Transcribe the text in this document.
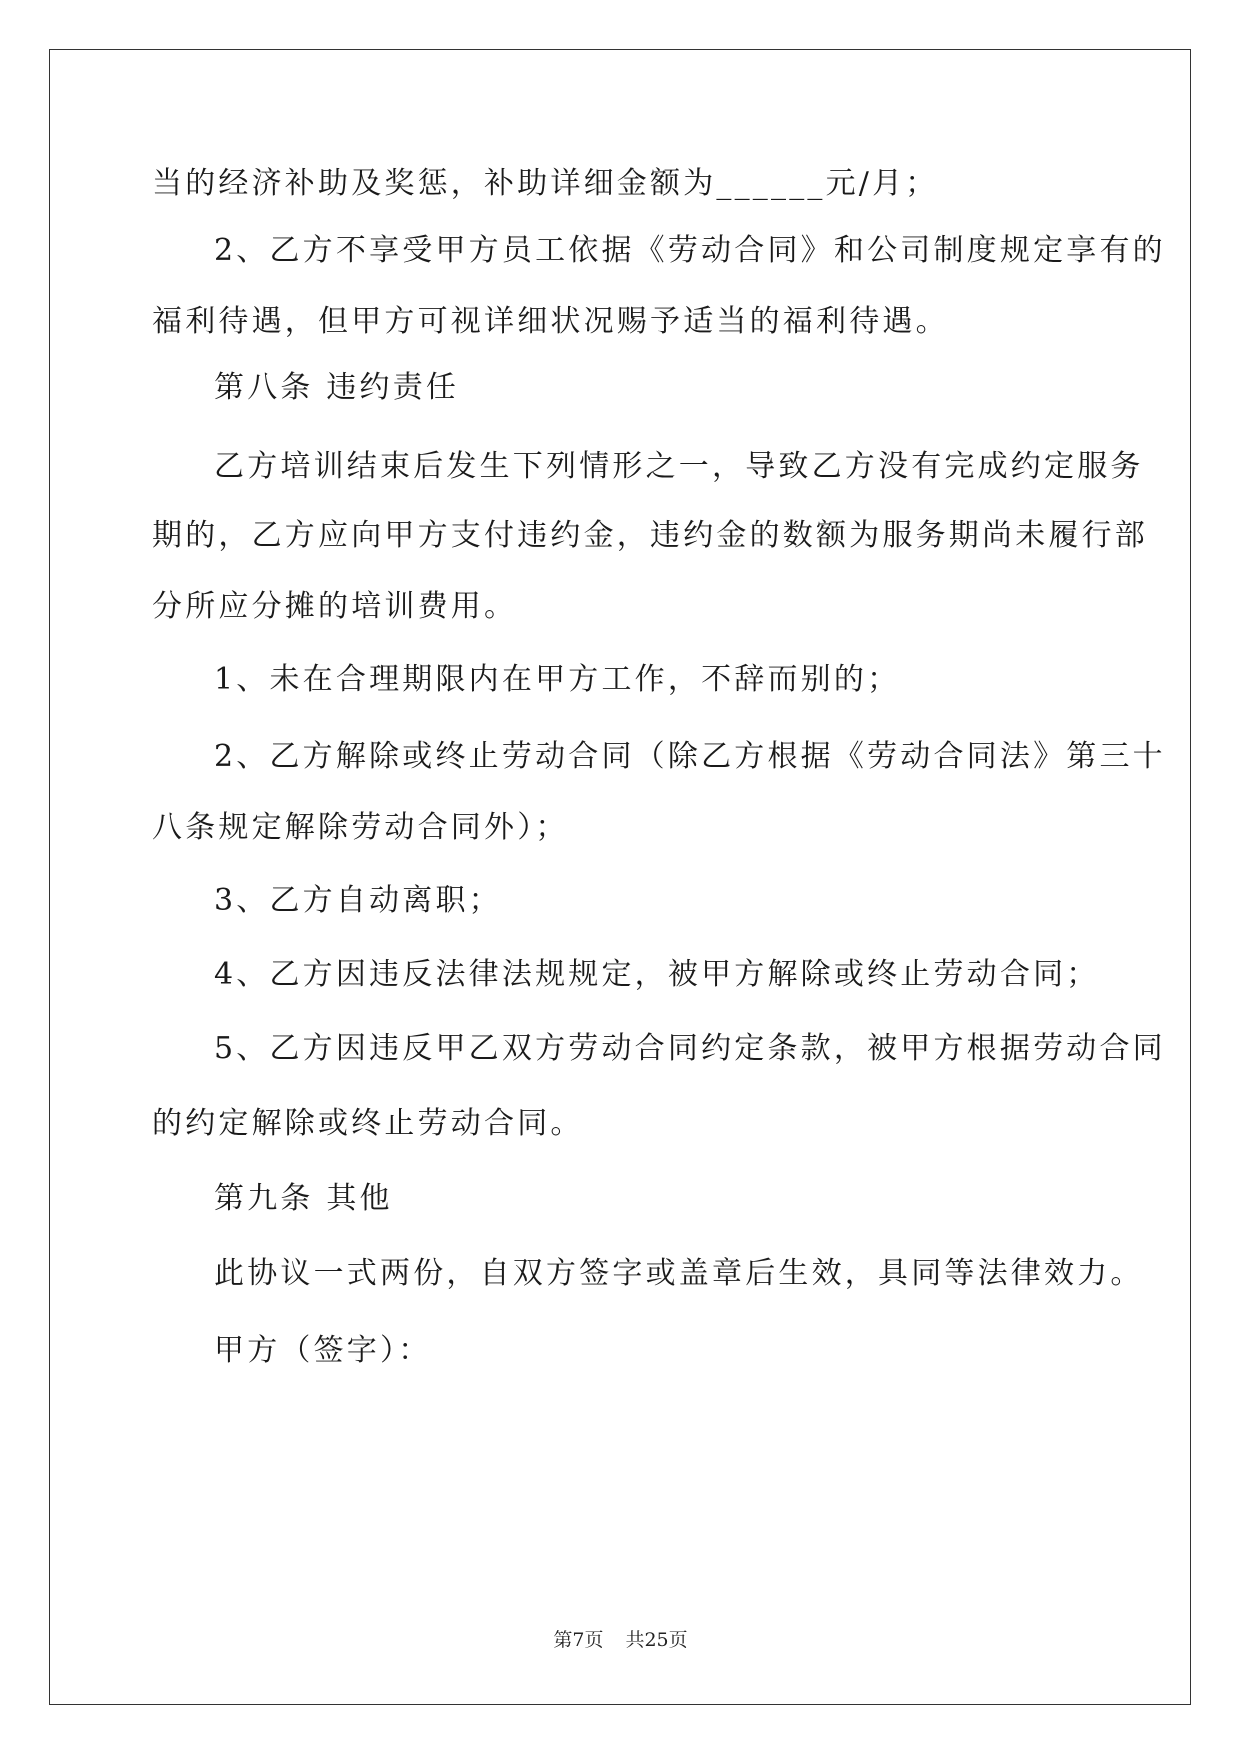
当的经济补助及奖惩，补助详细金额为______元/月；
2、乙方不享受甲方员工依据《劳动合同》和公司制度规定享有的
福利待遇，但甲方可视详细状况赐予适当的福利待遇。
第八条 违约责任
乙方培训结束后发生下列情形之一，导致乙方没有完成约定服务
期的，乙方应向甲方支付违约金，违约金的数额为服务期尚未履行部
分所应分摊的培训费用。
1、未在合理期限内在甲方工作，不辞而别的；
2、乙方解除或终止劳动合同（除乙方根据《劳动合同法》第三十
八条规定解除劳动合同外）；
3、乙方自动离职；
4、乙方因违反法律法规规定，被甲方解除或终止劳动合同；
5、乙方因违反甲乙双方劳动合同约定条款，被甲方根据劳动合同
的约定解除或终止劳动合同。
第九条 其他
此协议一式两份，自双方签字或盖章后生效，具同等法律效力。
甲方（签字）：
第7页 共25页
